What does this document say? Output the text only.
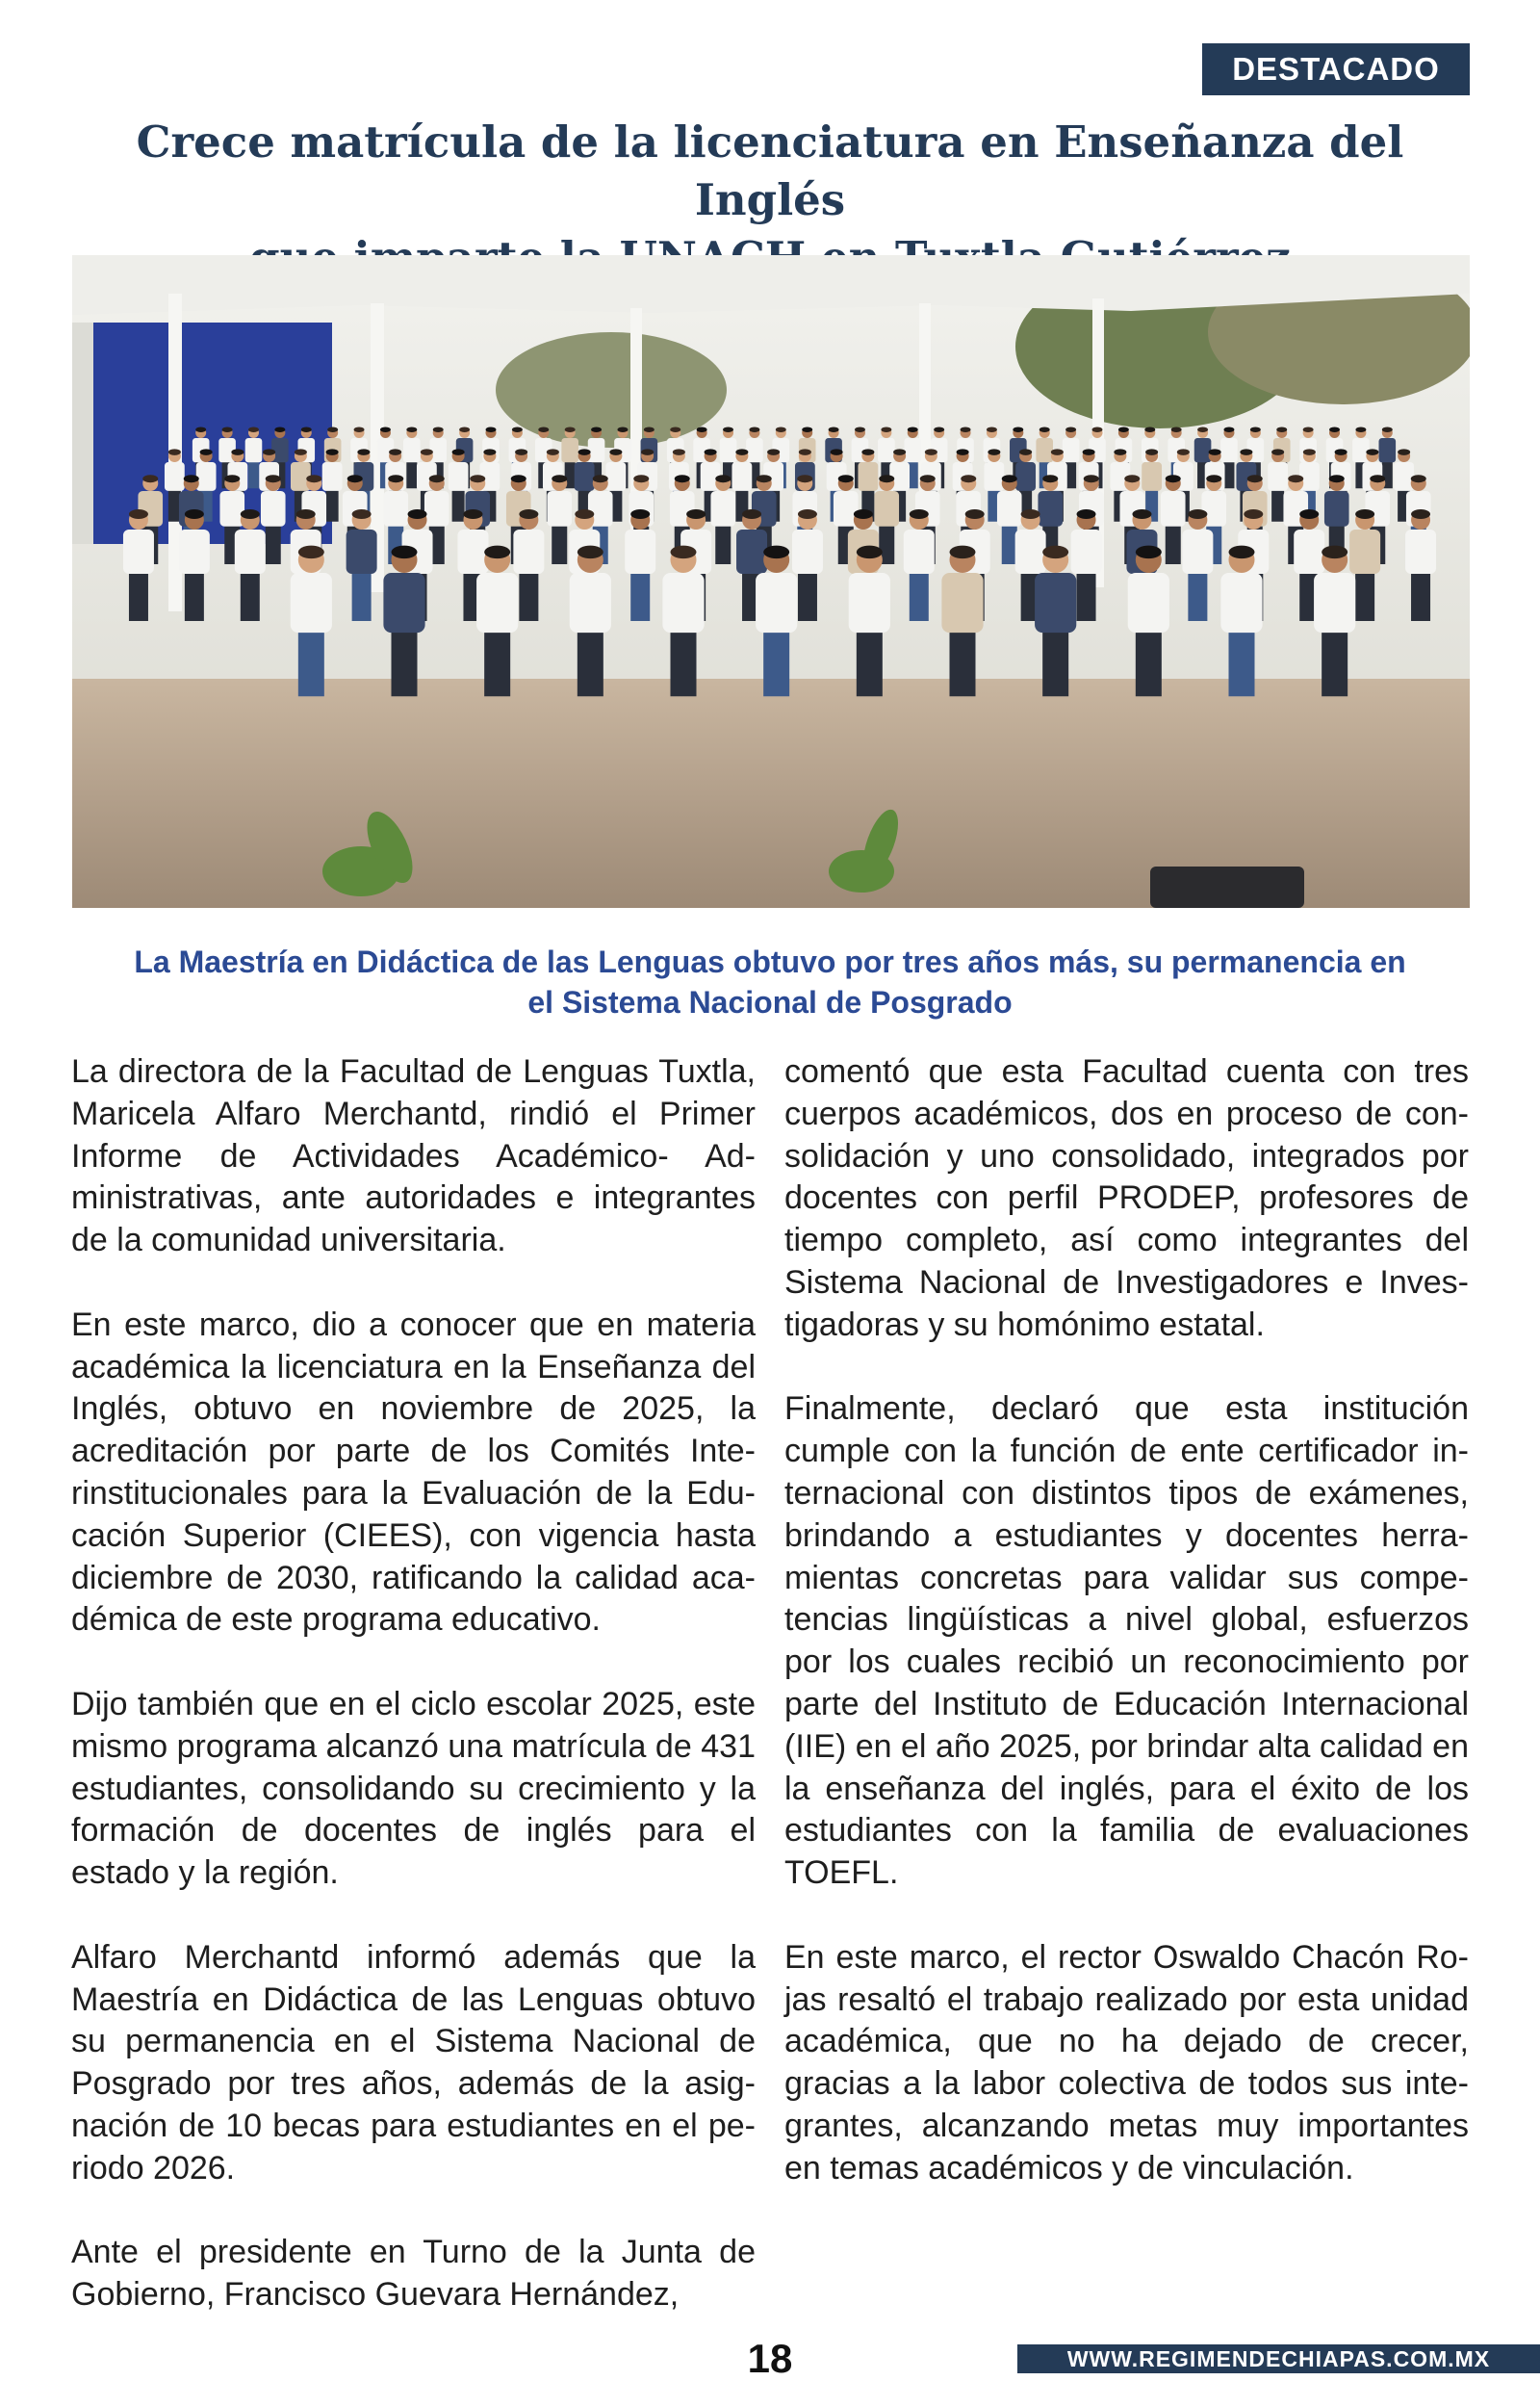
DESTACADO
Crece matrícula de la licenciatura en Enseñanza del Inglés

La Maestría en Didáctica de las Lenguas obtuvo por tres años más, su permanencia en
el Sistema Nacional de Posgrado

La directora de la Facultad de Lenguas Tuxtla, Maricela Alfaro Merchantd, rindió el Primer Informe de Actividades Académico- Administrativas, ante autoridades e integrantes de la comunidad universitaria.

En este marco, dio a conocer que en materia académica la licenciatura en la Enseñanza del Inglés, obtuvo en noviembre de 2025, la acreditación por parte de los Comités Interinstitucionales para la Evaluación de la Educación Superior (CIEES), con vigencia hasta diciembre de 2030, ratificando la calidad académica de este programa educativo.

Dijo también que en el ciclo escolar 2025, este mismo programa alcanzó una matrícula de 431 estudiantes, consolidando su crecimiento y la formación de docentes de inglés para el estado y la región.

Alfaro Merchantd informó además que la Maestría en Didáctica de las Lenguas obtuvo su permanencia en el Sistema Nacional de Posgrado por tres años, además de la asignación de 10 becas para estudiantes en el periodo 2026.

Ante el presidente en Turno de la Junta de Gobierno, Francisco Guevara Hernández,

comentó que esta Facultad cuenta con tres cuerpos académicos, dos en proceso de consolidación y uno consolidado, integrados por docentes con perfil PRODEP, profesores de tiempo completo, así como integrantes del Sistema Nacional de Investigadores e Investigadoras y su homónimo estatal.

Finalmente, declaró que esta institución cumple con la función de ente certificador internacional con distintos tipos de exámenes, brindando a estudiantes y docentes herramientas concretas para validar sus competencias lingüísticas a nivel global, esfuerzos por los cuales recibió un reconocimiento por parte del Instituto de Educación Internacional (IIE) en el año 2025, por brindar alta calidad en la enseñanza del inglés, para el éxito de los estudiantes con la familia de evaluaciones TOEFL.

En este marco, el rector Oswaldo Chacón Rojas resaltó el trabajo realizado por esta unidad académica, que no ha dejado de crecer, gracias a la labor colectiva de todos sus integrantes, alcanzando metas muy importantes en temas académicos y de vinculación.

18	WWW.REGIMENDECHIAPAS.COM.MX
